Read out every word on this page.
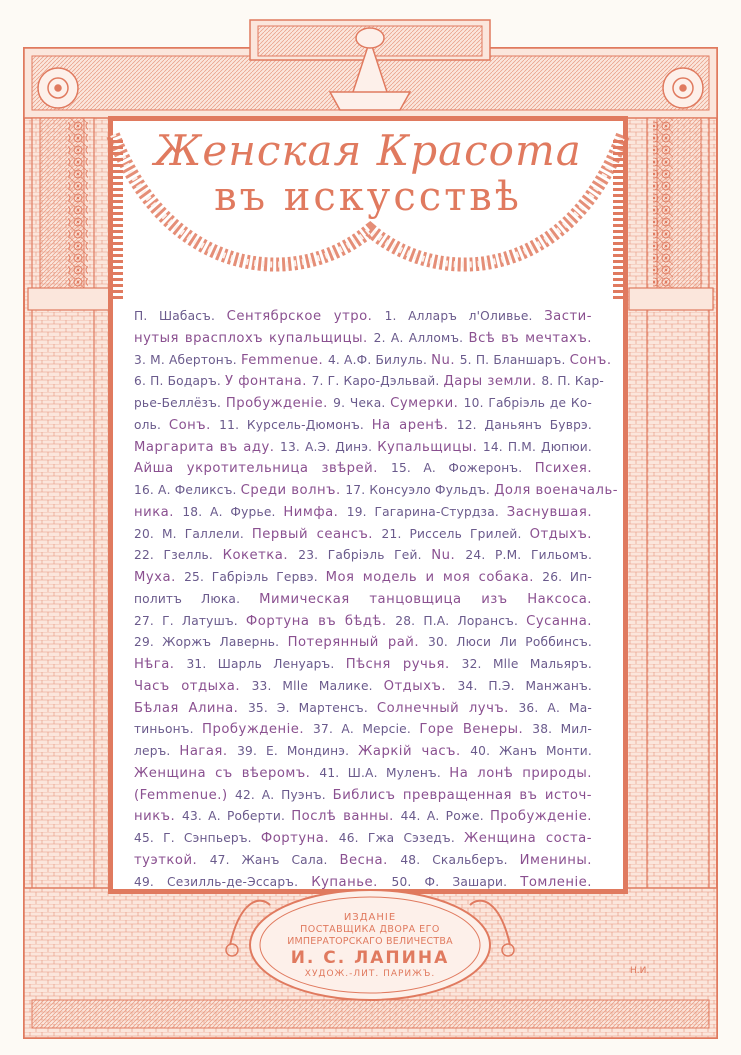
Женская Красота
въ искусствѣ
П. Шабасъ. Сентябрское утро. 1. Алларъ л'Оливье. Засти-
нутыя врасплохъ купальщицы. 2. А. Алломъ. Всѣ въ мечтахъ.
3. М. Абертонъ. Femmenue. 4. А.Ф. Билуль. Nu. 5. П. Бланшаръ. Сонъ.
6. П. Бодаръ. У фонтана. 7. Г. Каро-Дэльвай. Дары земли. 8. П. Кар-
рье-Беллёзъ. Пробужденіе. 9. Чека. Сумерки. 10. Габріэль де Ко-
оль. Сонъ. 11. Курсель-Дюмонъ. На аренѣ. 12. Даньянъ Буврэ.
Маргарита въ аду. 13. А.Э. Динэ. Купальщицы. 14. П.М. Дюпюи.
Айша укротительница звѣрей. 15. А. Фожеронъ. Психея.
16. А. Феликсъ. Среди волнъ. 17. Консуэло Фульдъ. Доля военачаль-
ника. 18. А. Фурье. Нимфа. 19. Гагарина-Стурдза. Заснувшая.
20. М. Галлели. Первый сеансъ. 21. Риссель Грилей. Отдыхъ.
22. Гзелль. Кокетка. 23. Габріэль Гей. Nu. 24. Р.М. Гильомъ.
Муха. 25. Габріэль Гервэ. Моя модель и моя собака. 26. Ип-
политъ Люка. Мимическая танцовщица изъ Наксоса.
27. Г. Латушъ. Фортуна въ бѣдѣ. 28. П.А. Лорансъ. Сусанна.
29. Жоржъ Лавернь. Потерянный рай. 30. Люси Ли Роббинсъ.
Нѣга. 31. Шарль Ленуаръ. Пѣсня ручья. 32. Mlle Мальяръ.
Часъ отдыха. 33. Mlle Малике. Отдыхъ. 34. П.Э. Манжанъ.
Бѣлая Алина. 35. Э. Мартенсъ. Солнечный лучъ. 36. А. Ма-
тиньонъ. Пробужденіе. 37. А. Мерсіе. Горе Венеры. 38. Мил-
леръ. Нагая. 39. Е. Мондинэ. Жаркій часъ. 40. Жанъ Монти.
Женщина съ вѣеромъ. 41. Ш.А. Муленъ. На лонѣ природы.
(Femmenue.) 42. А. Пуэнъ. Библисъ превращенная въ источ-
никъ. 43. А. Роберти. Послѣ ванны. 44. А. Роже. Пробужденіе.
45. Г. Сэнпьеръ. Фортуна. 46. Гжа Сэзедъ. Женщина соста-
туэткой. 47. Жанъ Сала. Весна. 48. Скальберъ. Именины.
49. Сезилль-де-Эссаръ. Купанье. 50. Ф. Зашари. Томленіе.
ИЗДАНІЕ
ПОСТАВЩИКА ДВОРА ЕГО
ИМПЕРАТОРСКАГО ВЕЛИЧЕСТВА
И. С. ЛАПИНА
ХУДОЖ.-ЛИТ. ПАРИЖЪ.	Н.И.
